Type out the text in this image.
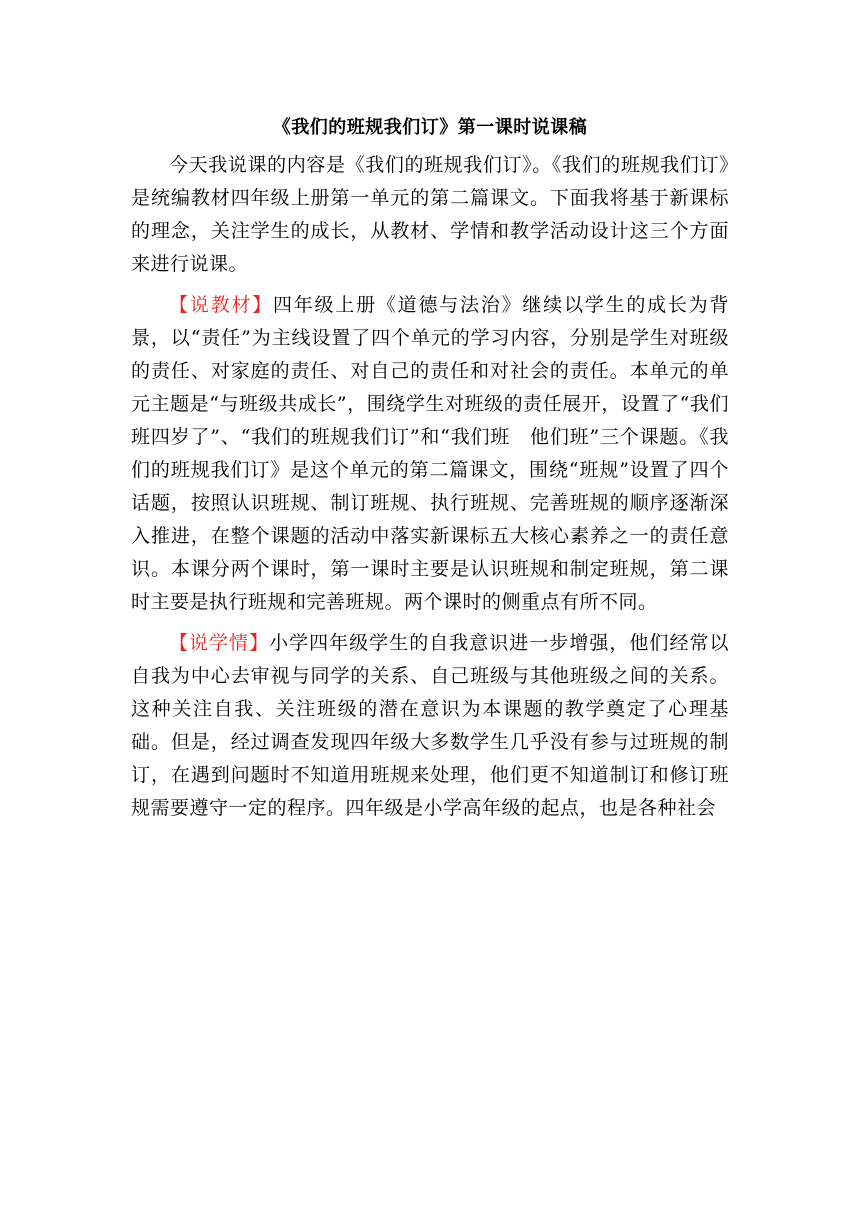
《我们的班规我们订》第一课时说课稿

今天我说课的内容是《我们的班规我们订》。《我们的班规我们订》是统编教材四年级上册第一单元的第二篇课文。下面我将基于新课标的理念，关注学生的成长，从教材、学情和教学活动设计这三个方面来进行说课。

【说教材】四年级上册《道德与法治》继续以学生的成长为背景，以“责任”为主线设置了四个单元的学习内容，分别是学生对班级的责任、对家庭的责任、对自己的责任和对社会的责任。本单元的单元主题是“与班级共成长”，围绕学生对班级的责任展开，设置了“我们班四岁了”、“我们的班规我们订”和“我们班　他们班”三个课题。《我们的班规我们订》是这个单元的第二篇课文，围绕“班规”设置了四个话题，按照认识班规、制订班规、执行班规、完善班规的顺序逐渐深入推进，在整个课题的活动中落实新课标五大核心素养之一的责任意识。本课分两个课时，第一课时主要是认识班规和制定班规，第二课时主要是执行班规和完善班规。两个课时的侧重点有所不同。

【说学情】小学四年级学生的自我意识进一步增强，他们经常以自我为中心去审视与同学的关系、自己班级与其他班级之间的关系。这种关注自我、关注班级的潜在意识为本课题的教学奠定了心理基础。但是，经过调查发现四年级大多数学生几乎没有参与过班规的制订，在遇到问题时不知道用班规来处理，他们更不知道制订和修订班规需要遵守一定的程序。四年级是小学高年级的起点，也是各种社会
